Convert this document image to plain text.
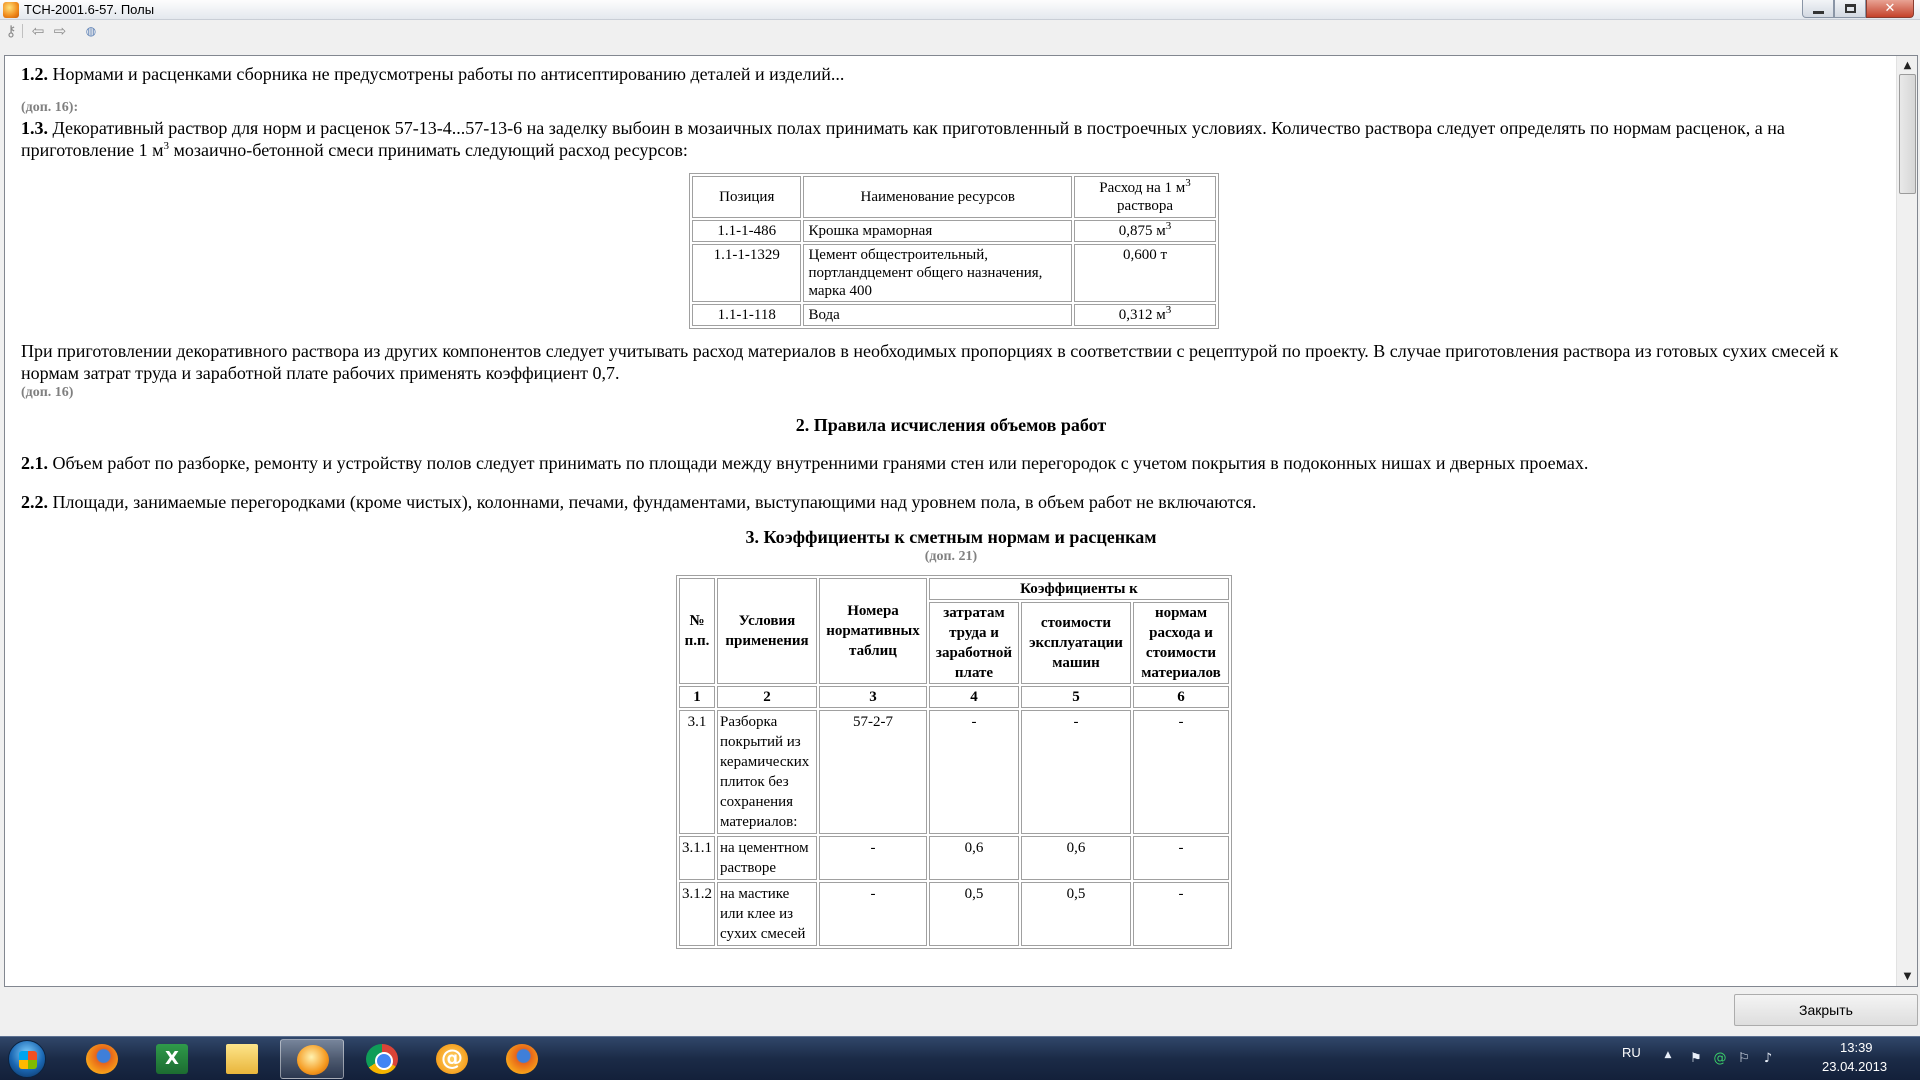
ТСН-2001.6-57. Полы	✕
⚷ ⇦ ⇨	◍

1.2. Нормами и расценками сборника не предусмотрены работы по антисептированию деталей и изделий...

(доп. 16):

1.3. Декоративный раствор для норм и расценок 57-13-4...57-13-6 на заделку выбоин в мозаичных полах принимать как приготовленный в построечных условиях. Количество раствора следует определять по нормам расценок, а на приготовление 1 $м^3$ мозаично-бетонной смеси принимать следующий расход ресурсов:

Позиция	Наименование ресурсов	Расход на 1 $м^3$ раствора
1.1-1-486	Крошка мраморная	0,875 $м^3$
1.1-1-1329	Цемент общестроительный, портландцемент общего назначения, марка 400	0,600 т
1.1-1-118	Вода	0,312 $м^3$

При приготовлении декоративного раствора из других компонентов следует учитывать расход материалов в необходимых пропорциях в соответствии с рецептурой по проекту. В случае приготовления раствора из готовых сухих смесей к нормам затрат труда и заработной плате рабочих применять коэффициент 0,7.

(доп. 16)

2. Правила исчисления объемов работ

2.1. Объем работ по разборке, ремонту и устройству полов следует принимать по площади между внутренними гранями стен или перегородок с учетом покрытия в подоконных нишах и дверных проемах.

2.2. Площади, занимаемые перегородками (кроме чистых), колоннами, печами, фундаментами, выступающими над уровнем пола, в объем работ не включаются.

3. Коэффициенты к сметным нормам и расценкам

(доп. 21)

№ п.п.	Условия применения	Номера нормативных таблиц	Коэффициенты к		
			затратам труда и заработной плате	стоимости эксплуатации машин	нормам расхода и стоимости материалов
1	2	3	4	5	6
3.1	Разборка покрытий из керамических плиток без сохранения материалов:	57-2-7	-	-	-
3.1.1	на цементном растворе	-	0,6	0,6	-
3.1.2	на мастике или клее из сухих смесей	-	0,5	0,5	-
▲
▼
Закрыть
X	@	RU	▲	⚑ @ ⚐ ♪
13:39
23.04.2013
